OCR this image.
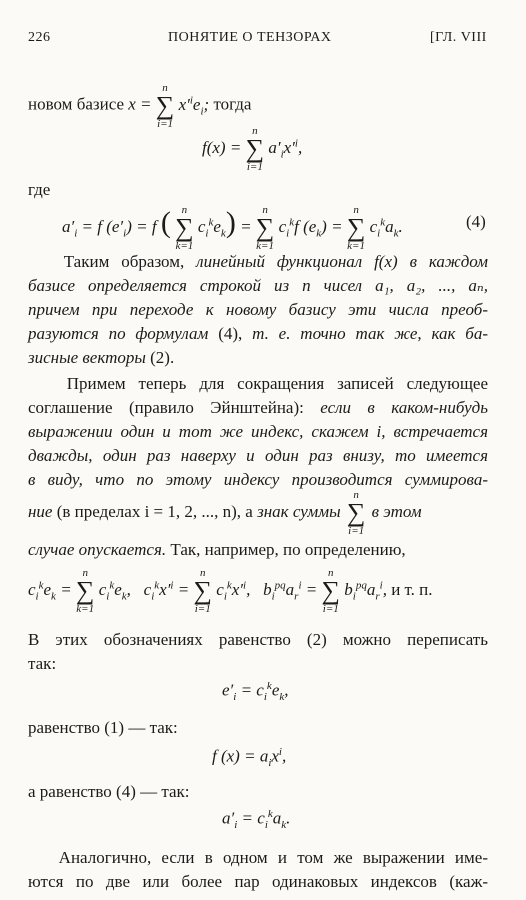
226	ПОНЯТИЕ О ТЕНЗОРАХ	[ГЛ. VIII
новом базисе x =
n
∑
i=1
$x'^ie_i$; тогда
f(x) =
n
∑
i=1
$a'_ix'^i$,
где
$a'_i = f$ $(e'_i) = f$ ( n
∑
k=1
$c_i^ke_k$) =
n
∑
k=1
$c_i^kf$ $(e_k)$ =
n
∑
k=1
$c_i^ka_k$.	(4)
Таким образом, линейный функционал f(x) в каждом
базисе определяется строкой из n чисел a₁, a₂, ..., aₙ,
причем при переходе к новому базису эти числа преоб-
разуются по формулам (4), т. е. точно так же, как ба-
зисные векторы (2).
Примем теперь для сокращения записей следующее
соглашение (правило Эйнштейна): если в каком-нибудь
выражении один и тот же индекс, скажем i, встречается
дважды, один раз наверху и один раз внизу, то имеется
в виду, что по этому индексу производится суммирова-
ние (в пределах i = 1, 2, ..., n), а знак суммы
n
∑
i=1
в этом
случае опускается. Так, например, по определению,
$c_i^ke_k$ =
n
∑
k=1
$c_i^ke_k$,   $c_i^kx'^i$ =
n
∑
i=1
$c_i^kx'^i$,   $b_i^{pq}a_r^i$ =
n
∑
i=1
$b_i^{pq}a_r^i$, и т. п.
В этих обозначениях равенство (2) можно переписать
так:
$e'_i = c_i^ke_k$,
равенство (1) — так:
f $(x) = a_ix^i$,
а равенство (4) — так:
$a'_i = c_i^ka_k$.
Аналогично, если в одном и том же выражении име-
ются по две или более пар одинаковых индексов (каж-
